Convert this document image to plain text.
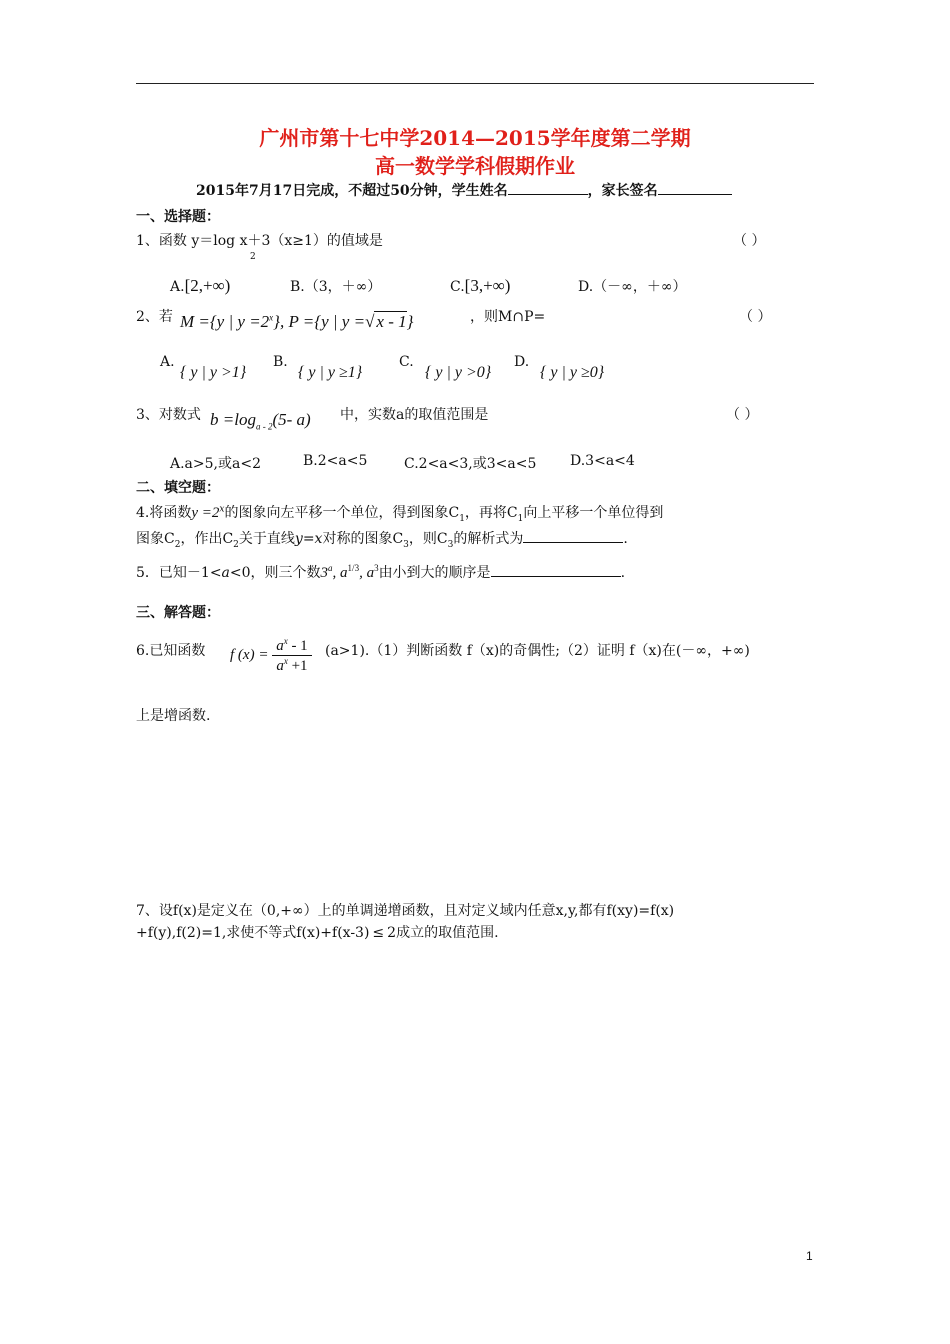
广州市第十七中学2014—2015学年度第二学期
高一数学学科假期作业
2015年7月17日完成，不超过50分钟，学生姓名	，家长签名
一、选择题：
1、函数 y＝log x＋3（x≥1）的值域是
2
（ ）
A.[2,+∞)	B.（3，＋∞）	C.[3,+∞)	D.（－∞，＋∞）
2、若 M ={y | $y =2^x$}, P ={y | y =√ x - 1}	，则M∩P=	（ ）
A.
{ y | y >1}
B.
{ y | y ≥1}
C.
{ y | y >0}
D.
{ y | y ≥0}
3、对数式 $b =\log_{a - 2}(5-$ a) 中，实数a的取值范围是	（ ）
A.a>5,或a<2	B.2<a<5	C.2<a<3,或3<a<5 D.3<a<4
二、填空题：
4.将函数$y =2^x$的图象向左平移一个单位，得到图象$C_1$，再将$C_1$向上平移一个单位得到
图象$C_2$，作出$C_2$关于直线y=x对称的图象$C_3$，则$C_3$的解析式为	.
5．已知－1<a<0，则三个数3$^a$, $a^{1/3}$, $a^3$由小到大的顺序是	.
三、解答题：
6.已知函数 f $(x) = \frac{a^x - 1}{a^x +1} (a>1).(1)$判断函数 f（x)的奇偶性;（2）证明 f（x)在(－∞，+∞)
上是增函数.
7、设f(x)是定义在（0,+∞）上的单调递增函数，且对定义域内任意x,y,都有f(xy)=f(x)
+f(y),f(2)=1,求使不等式f(x)+f(x-3) ≤ 2成立的取值范围.
1
